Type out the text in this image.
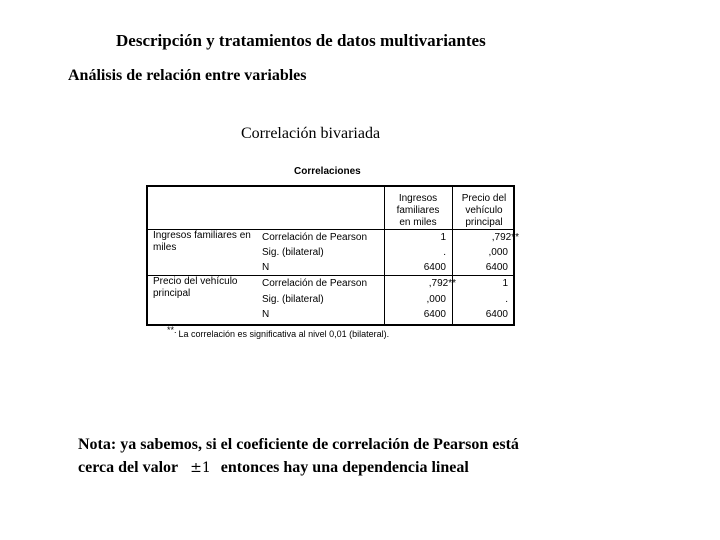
Descripción y tratamientos de datos multivariantes
Análisis de relación entre variables
Correlación bivariada
Correlaciones
Ingresos familiares en miles
Precio del vehículo principal
Ingresos familiares en miles
Correlación de Pearson
Sig. (bilateral)
N
1
.
6400
,792**
,000
6400
Precio del vehículo principal
Correlación de Pearson
Sig. (bilateral)
N
,792**
,000
6400
1
.
6400
**. La correlación es significativa al nivel 0,01 (bilateral).
Nota: ya sabemos, si el coeficiente de correlación de Pearson está
cerca del valor ±1 entonces hay una dependencia lineal
